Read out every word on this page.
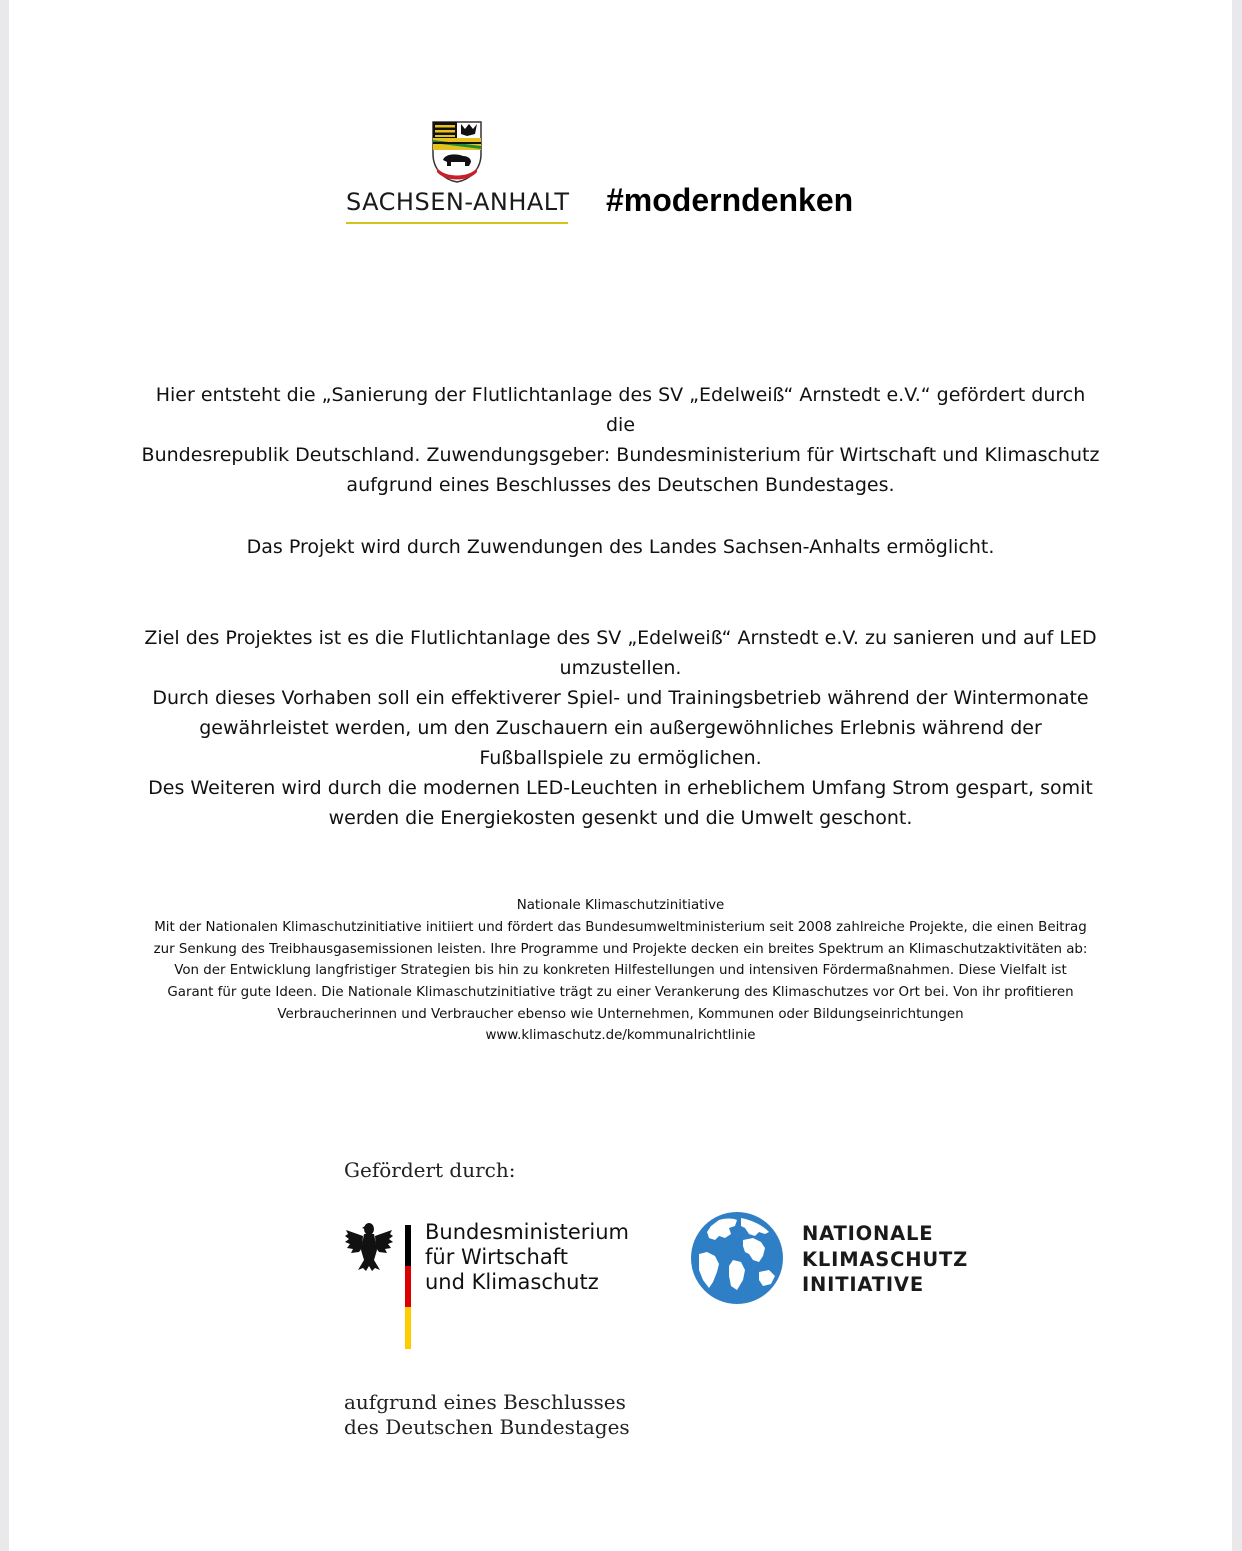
SACHSEN-ANHALT #moderndenken
Hier entsteht die „Sanierung der Flutlichtanlage des SV „Edelweiß“ Arnstedt e.V.“ gefördert durch die
Bundesrepublik Deutschland. Zuwendungsgeber: Bundesministerium für Wirtschaft und Klimaschutz
aufgrund eines Beschlusses des Deutschen Bundestages.
Das Projekt wird durch Zuwendungen des Landes Sachsen-Anhalts ermöglicht.
Ziel des Projektes ist es die Flutlichtanlage des SV „Edelweiß“ Arnstedt e.V. zu sanieren und auf LED
umzustellen.
Durch dieses Vorhaben soll ein effektiverer Spiel- und Trainingsbetrieb während der Wintermonate
gewährleistet werden, um den Zuschauern ein außergewöhnliches Erlebnis während der
Fußballspiele zu ermöglichen.
Des Weiteren wird durch die modernen LED-Leuchten in erheblichem Umfang Strom gespart, somit
werden die Energiekosten gesenkt und die Umwelt geschont.
Nationale Klimaschutzinitiative
Mit der Nationalen Klimaschutzinitiative initiiert und fördert das Bundesumweltministerium seit 2008 zahlreiche Projekte, die einen Beitrag
zur Senkung des Treibhausgasemissionen leisten. Ihre Programme und Projekte decken ein breites Spektrum an Klimaschutzaktivitäten ab:
Von der Entwicklung langfristiger Strategien bis hin zu konkreten Hilfestellungen und intensiven Fördermaßnahmen. Diese Vielfalt ist
Garant für gute Ideen. Die Nationale Klimaschutzinitiative trägt zu einer Verankerung des Klimaschutzes vor Ort bei. Von ihr profitieren
Verbraucherinnen und Verbraucher ebenso wie Unternehmen, Kommunen oder Bildungseinrichtungen
www.klimaschutz.de/kommunalrichtlinie
Gefördert durch:
Bundesministerium
für Wirtschaft
und Klimaschutz
NATIONALE
KLIMASCHUTZ
INITIATIVE
aufgrund eines Beschlusses
des Deutschen Bundestages
